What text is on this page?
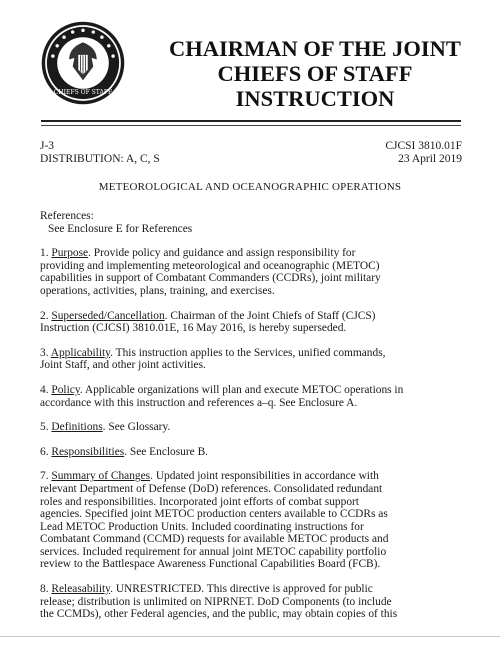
CHIEFS OF STAFF
CHAIRMAN OF THE JOINT
CHIEFS OF STAFF
INSTRUCTION
J-3
DISTRIBUTION: A, C, S
CJCSI 3810.01F
23 April 2019
METEOROLOGICAL AND OCEANOGRAPHIC OPERATIONS
References:
See Enclosure E for References
1. Purpose. Provide policy and guidance and assign responsibility for
providing and implementing meteorological and oceanographic (METOC)
capabilities in support of Combatant Commanders (CCDRs), joint military
operations, activities, plans, training, and exercises.
2. Superseded/Cancellation. Chairman of the Joint Chiefs of Staff (CJCS)
Instruction (CJCSI) 3810.01E, 16 May 2016, is hereby superseded.
3. Applicability. This instruction applies to the Services, unified commands,
Joint Staff, and other joint activities.
4. Policy. Applicable organizations will plan and execute METOC operations in
accordance with this instruction and references a–q. See Enclosure A.
5. Definitions. See Glossary.
6. Responsibilities. See Enclosure B.
7. Summary of Changes. Updated joint responsibilities in accordance with
relevant Department of Defense (DoD) references. Consolidated redundant
roles and responsibilities. Incorporated joint efforts of combat support
agencies. Specified joint METOC production centers available to CCDRs as
Lead METOC Production Units. Included coordinating instructions for
Combatant Command (CCMD) requests for available METOC products and
services. Included requirement for annual joint METOC capability portfolio
review to the Battlespace Awareness Functional Capabilities Board (FCB).
8. Releasability. UNRESTRICTED. This directive is approved for public
release; distribution is unlimited on NIPRNET. DoD Components (to include
the CCMDs), other Federal agencies, and the public, may obtain copies of this
